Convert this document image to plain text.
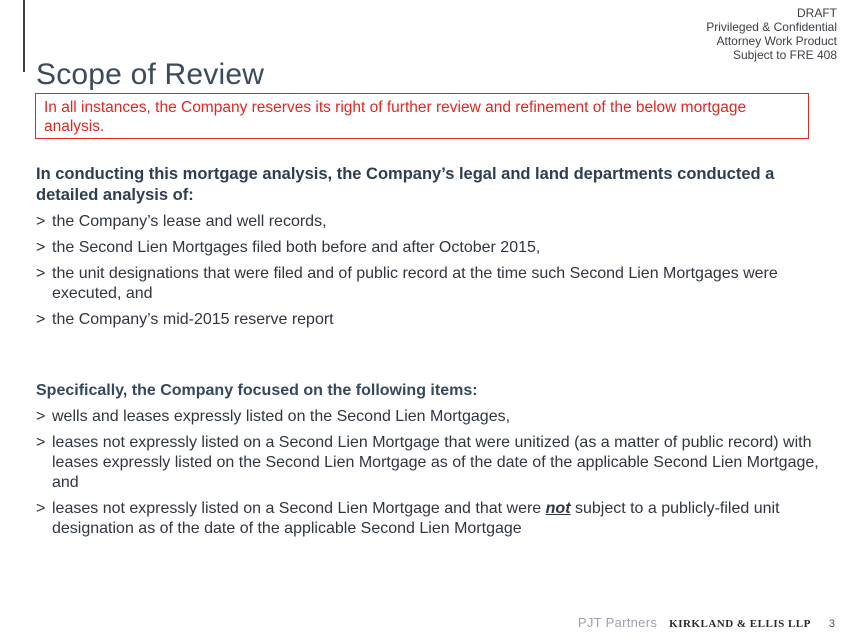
Scope of Review
DRAFT
Privileged & Confidential
Attorney Work Product
Subject to FRE 408
In all instances, the Company reserves its right of further review and refinement of the below mortgage analysis.

In conducting this mortgage analysis, the Company’s legal and land departments conducted a detailed analysis of:

> the Company’s lease and well records,
> the Second Lien Mortgages filed both before and after October 2015,
> the unit designations that were filed and of public record at the time such Second Lien Mortgages were executed, and
> the Company’s mid-2015 reserve report

Specifically, the Company focused on the following items:

> wells and leases expressly listed on the Second Lien Mortgages,
> leases not expressly listed on a Second Lien Mortgage that were unitized (as a matter of public record) with leases expressly listed on the Second Lien Mortgage as of the date of the applicable Second Lien Mortgage, and
> leases not expressly listed on a Second Lien Mortgage and that were not subject to a publicly-filed unit designation as of the date of the applicable Second Lien Mortgage
PJT Partners KIRKLAND & ELLIS LLP 3
